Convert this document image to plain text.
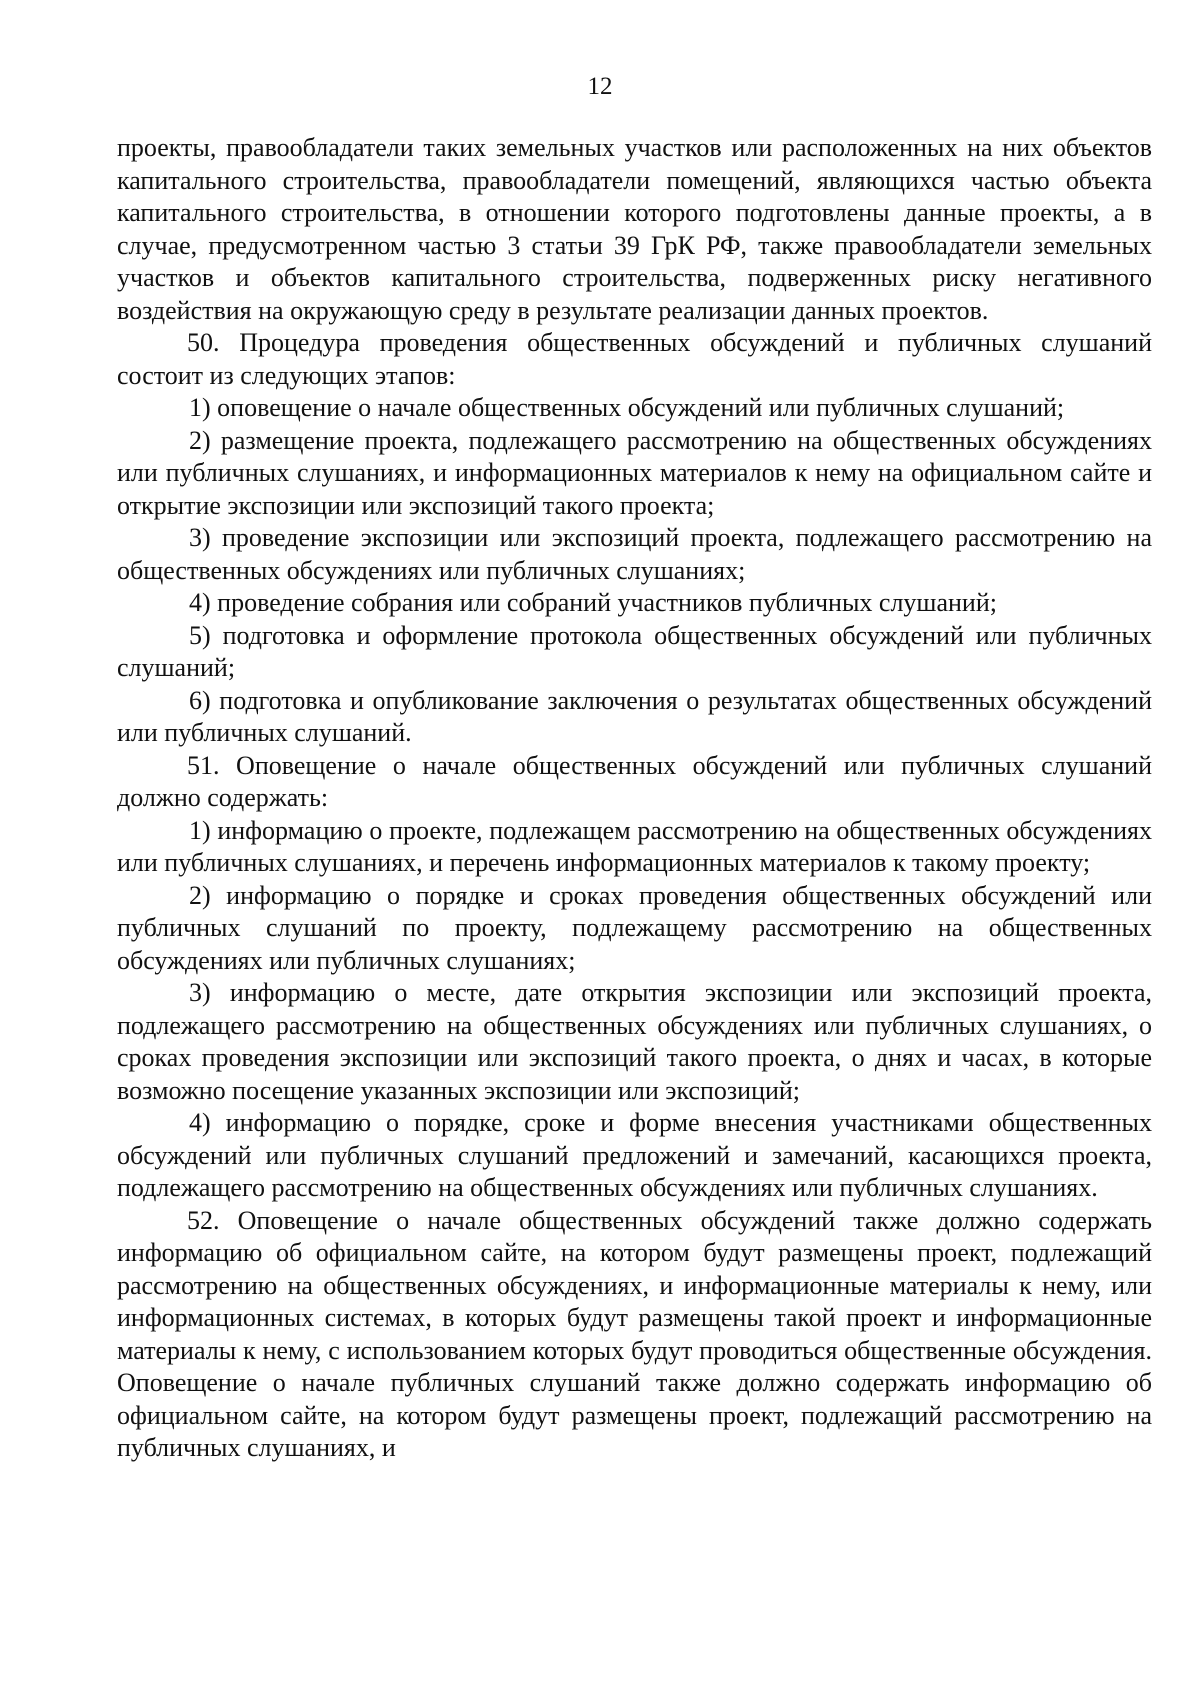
12

проекты, правообладатели таких земельных участков или расположенных на них объектов капитального строительства, правообладатели помещений, являющихся частью объекта капитального строительства, в отношении которого подготовлены данные проекты, а в случае, предусмотренном частью 3 статьи 39 ГрК РФ, также правообладатели земельных участков и объектов капитального строительства, подверженных риску негативного воздействия на окружающую среду в результате реализации данных проектов.

50. Процедура проведения общественных обсуждений и публичных слушаний состоит из следующих этапов:

1) оповещение о начале общественных обсуждений или публичных слушаний;

2) размещение проекта, подлежащего рассмотрению на общественных обсуждениях или публичных слушаниях, и информационных материалов к нему на официальном сайте и открытие экспозиции или экспозиций такого проекта;

3) проведение экспозиции или экспозиций проекта, подлежащего рассмотрению на общественных обсуждениях или публичных слушаниях;

4) проведение собрания или собраний участников публичных слушаний;

5) подготовка и оформление протокола общественных обсуждений или публичных слушаний;

6) подготовка и опубликование заключения о результатах общественных обсуждений или публичных слушаний.

51. Оповещение о начале общественных обсуждений или публичных слушаний должно содержать:

1) информацию о проекте, подлежащем рассмотрению на общественных обсуждениях или публичных слушаниях, и перечень информационных материалов к такому проекту;

2) информацию о порядке и сроках проведения общественных обсуждений или публичных слушаний по проекту, подлежащему рассмотрению на общественных обсуждениях или публичных слушаниях;

3) информацию о месте, дате открытия экспозиции или экспозиций проекта, подлежащего рассмотрению на общественных обсуждениях или публичных слушаниях, о сроках проведения экспозиции или экспозиций такого проекта, о днях и часах, в которые возможно посещение указанных экспозиции или экспозиций;

4) информацию о порядке, сроке и форме внесения участниками общественных обсуждений или публичных слушаний предложений и замечаний, касающихся проекта, подлежащего рассмотрению на общественных обсуждениях или публичных слушаниях.

52. Оповещение о начале общественных обсуждений также должно содержать информацию об официальном сайте, на котором будут размещены проект, подлежащий рассмотрению на общественных обсуждениях, и информационные материалы к нему, или информационных системах, в которых будут размещены такой проект и информационные материалы к нему, с использованием которых будут проводиться общественные обсуждения. Оповещение о начале публичных слушаний также должно содержать информацию об официальном сайте, на котором будут размещены проект, подлежащий рассмотрению на публичных слушаниях, и
